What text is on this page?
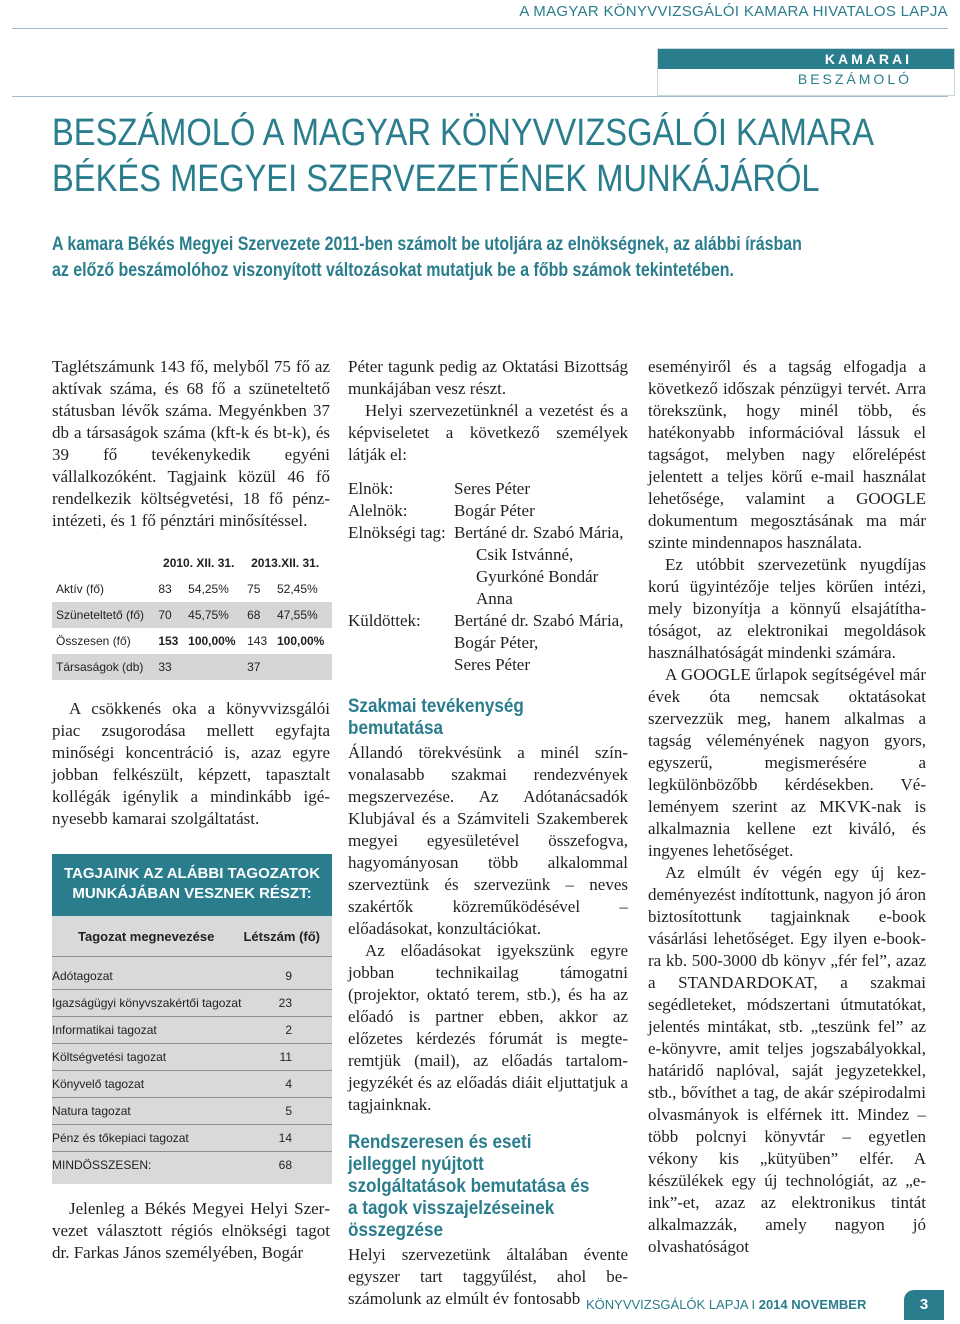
A MAGYAR KÖNYVVIZSGÁLÓI KAMARA HIVATALOS LAPJA
KAMARAI
BESZÁMOLÓ
BESZÁMOLÓ A MAGYAR KÖNYVVIZSGÁLÓI KAMARA
BÉKÉS MEGYEI SZERVEZETÉNEK MUNKÁJÁRÓL
A kamara Békés Megyei Szervezete 2011-ben számolt be utoljára az elnökségnek, az alábbi írásban
az előző beszámolóhoz viszonyított változásokat mutatjuk be a főbb számok tekintetében.

Taglétszámunk 143 fő, melyből 75 fő az aktívak száma, és 68 fő a szüneteltető státusban lévők száma. Megyénkben 37 db a társaságok száma (kft-k és bt-k), és 39 fő tevékenykedik egyéni vállalkozóként. Tagjaink közül 46 fő rendelkezik költségvetési, 18 fő pénzintézeti, és 1 fő pénztári minősítéssel.

	2010. XII. 31.		2013.XII. 31.	
Aktív (fő)	83	54,25%	75	52,45%
Szüneteltető (fő)	70	45,75%	68	47,55%
Összesen (fő)	153	100,00%	143	100,00%
Társaságok (db)	33		37	

A csökkenés oka a könyvvizsgálói piac zsugorodása mellett egyfajta minőségi koncentráció is, azaz egyre jobban felkészült, képzett, tapasztalt kollégák igénylik a mindinkább igényesebb kamarai szolgáltatást.

TAGJAINK AZ ALÁBBI TAGOZATOK MUNKÁJÁBAN VESZNEK RÉSZT:
Tagozat megnevezése Létszám (fő)
Adótagozat	9
Igazságügyi könyvszakértői tagozat	23
Informatikai tagozat	2
Költségvetési tagozat	11
Könyvelő tagozat	4
Natura tagozat	5
Pénz és tőkepiaci tagozat	14
MINDÖSSZESEN:	68

Jelenleg a Békés Megyei Helyi Szervezet választott régiós elnökségi tagot dr. Farkas János személyében, Bogár

Péter tagunk pedig az Oktatási Bizottság munkájában vesz részt.

Helyi szervezetünknél a vezetést és a képviseletet a következő személyek látják el:

Elnök:	Seres Péter
Alelnök:	Bogár Péter
Elnökségi tag: Bertáné dr. Szabó Mária,
Csik Istvánné,
Gyurkóné Bondár Anna
Küldöttek:	Bertáné dr. Szabó Mária,
Bogár Péter,
Seres Péter
Szakmai tevékenység bemutatása

Állandó törekvésünk a minél színvonalasabb szakmai rendezvények megszervezése. Az Adótanácsadók Klubjával és a Számviteli Szakemberek megyei egyesületével összefogva, hagyományosan több alkalommal szerveztünk és szervezünk – neves szakértők közreműködésével – előadásokat, konzultációkat.

Az előadásokat igyekszünk egyre jobban technikailag támogatni (projektor, oktató terem, stb.), és ha az előadó is partner ebben, akkor az előzetes kérdezés fórumát is megteremtjük (mail), az előadás tartalomjegyzékét és az előadás diáit eljuttatjuk a tagjainknak.

Rendszeresen és eseti jelleggel nyújtott szolgáltatások bemutatása és a tagok visszajelzéseinek összegzése

Helyi szervezetünk általában évente egyszer tart taggyűlést, ahol beszámolunk az elmúlt év fontosabb

eseményiről és a tagság elfogadja a következő időszak pénzügyi tervét. Arra törekszünk, hogy minél több, és hatékonyabb információval lássuk el tagságot, melyben nagy előrelépést jelentett a teljes körű e-mail használat lehetősége, valamint a GOOGLE dokumentum megosztásának ma már szinte mindennapos használata.

Ez utóbbit szervezetünk nyugdíjas korú ügyintézője teljes körűen intézi, mely bizonyítja a könnyű elsajátíthatóságot, az elektronikai megoldások használhatóságát mindenki számára.

A GOOGLE űrlapok segítségével már évek óta nemcsak oktatásokat szervezzük meg, hanem alkalmas a tagság véleményének nagyon gyors, egyszerű, megismerésére a legkülönbözőbb kérdésekben. Véleményem szerint az MKVK-nak is alkalmaznia kellene ezt kiváló, és ingyenes lehetőséget.

Az elmúlt év végén egy új kezdeményezést indítottunk, nagyon jó áron biztosítottunk tagjainknak e-book vásárlási lehetőséget. Egy ilyen e-book-ra kb. 500-3000 db könyv „fér fel”, azaz a STANDARDOKAT, a szakmai segédleteket, módszertani útmutatókat, jelentés mintákat, stb. „teszünk fel” az e-könyvre, amit teljes jogszabályokkal, határidő naplóval, saját jegyzetekkel, stb., bővíthet a tag, de akár szépirodalmi olvasmányok is elférnek itt. Mindez – több polcnyi könyvtár – egyetlen vékony kis „kütyüben” elfér. A készülékek egy új technológiát, az „e-ink”-et, azaz az elektronikus tintát alkalmazzák, amely nagyon jó olvashatóságot

KÖNYVVIZSGÁLÓK LAPJA I 2014 NOVEMBER	3
